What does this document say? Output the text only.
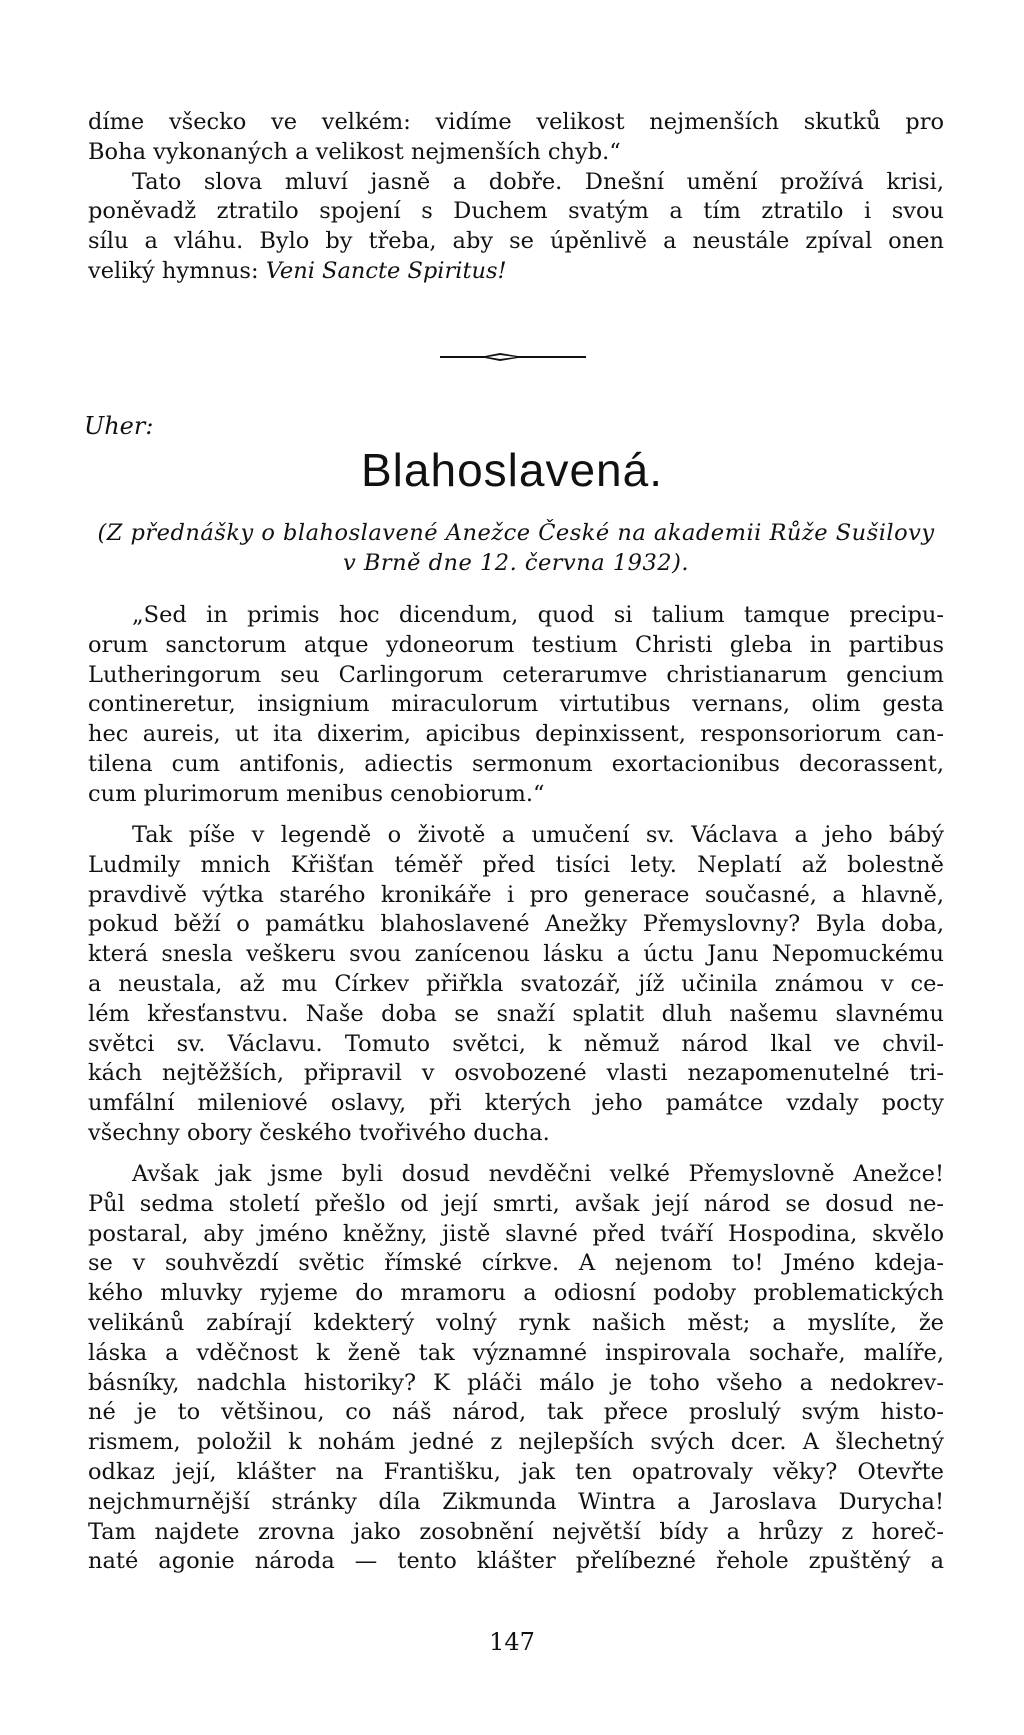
díme všecko ve velkém: vidíme velikost nejmenších skutků pro

Boha vykonaných a velikost nejmenších chyb.“

Tato slova mluví jasně a dobře. Dnešní umění prožívá krisi,

poněvadž ztratilo spojení s Duchem svatým a tím ztratilo i svou

sílu a vláhu. Bylo by třeba, aby se úpěnlivě a neustále zpíval onen

veliký hymnus: Veni Sancte Spiritus!

Uher:
Blahoslavená.
(Z přednášky o blahoslavené Anežce České na akademii Růže Sušilovy
v Brně dne 12. června 1932).

„Sed in primis hoc dicendum, quod si talium tamque precipu-

orum sanctorum atque ydoneorum testium Christi gleba in partibus

Lutheringorum seu Carlingorum ceterarumve christianarum gencium

contineretur, insignium miraculorum virtutibus vernans, olim gesta

hec aureis, ut ita dixerim, apicibus depinxissent, responsoriorum can-

tilena cum antifonis, adiectis sermonum exortacionibus decorassent,

cum plurimorum menibus cenobiorum.“

Tak píše v legendě o životě a umučení sv. Václava a jeho bábý

Ludmily mnich Křišťan téměř před tisíci lety. Neplatí až bolestně

pravdivě výtka starého kronikáře i pro generace současné, a hlavně,

pokud běží o památku blahoslavené Anežky Přemyslovny? Byla doba,

která snesla veškeru svou zanícenou lásku a úctu Janu Nepomuckému

a neustala, až mu Církev přiřkla svatozář, jíž učinila známou v ce-

lém křesťanstvu. Naše doba se snaží splatit dluh našemu slavnému

světci sv. Václavu. Tomuto světci, k němuž národ lkal ve chvil-

kách nejtěžších, připravil v osvobozené vlasti nezapomenutelné tri-

umfální mileniové oslavy, při kterých jeho památce vzdaly pocty

všechny obory českého tvořivého ducha.

Avšak jak jsme byli dosud nevděčni velké Přemyslovně Anežce!

Půl sedma století přešlo od její smrti, avšak její národ se dosud ne-

postaral, aby jméno kněžny, jistě slavné před tváří Hospodina, skvělo

se v souhvězdí světic římské církve. A nejenom to! Jméno kdeja-

kého mluvky ryjeme do mramoru a odiosní podoby problematických

velikánů zabírají kdekterý volný rynk našich měst; a myslíte, že

láska a vděčnost k ženě tak významné inspirovala sochaře, malíře,

básníky, nadchla historiky? K pláči málo je toho všeho a nedokrev-

né je to většinou, co náš národ, tak přece proslulý svým histo-

rismem, položil k nohám jedné z nejlepších svých dcer. A šlechetný

odkaz její, klášter na Františku, jak ten opatrovaly věky? Otevřte

nejchmurnější stránky díla Zikmunda Wintra a Jaroslava Durycha!

Tam najdete zrovna jako zosobnění největší bídy a hrůzy z horeč-

naté agonie národa — tento klášter přelíbezné řehole zpuštěný a

147
